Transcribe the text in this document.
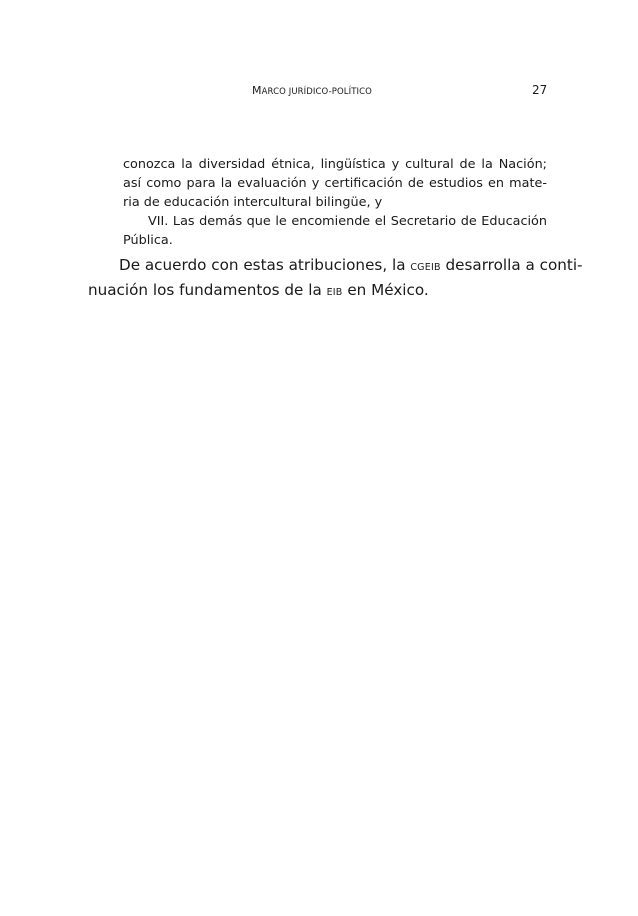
MARCO JURÍDICO-POLÍTICO	27
conozca la diversidad étnica, lingüística y cultural de la Nación;
así como para la evaluación y certificación de estudios en mate-
ria de educación intercultural bilingüe, y
VII. Las demás que le encomiende el Secretario de Educación
Pública.
De acuerdo con estas atribuciones, la CGEIB desarrolla a conti-
nuación los fundamentos de la EIB en México.
